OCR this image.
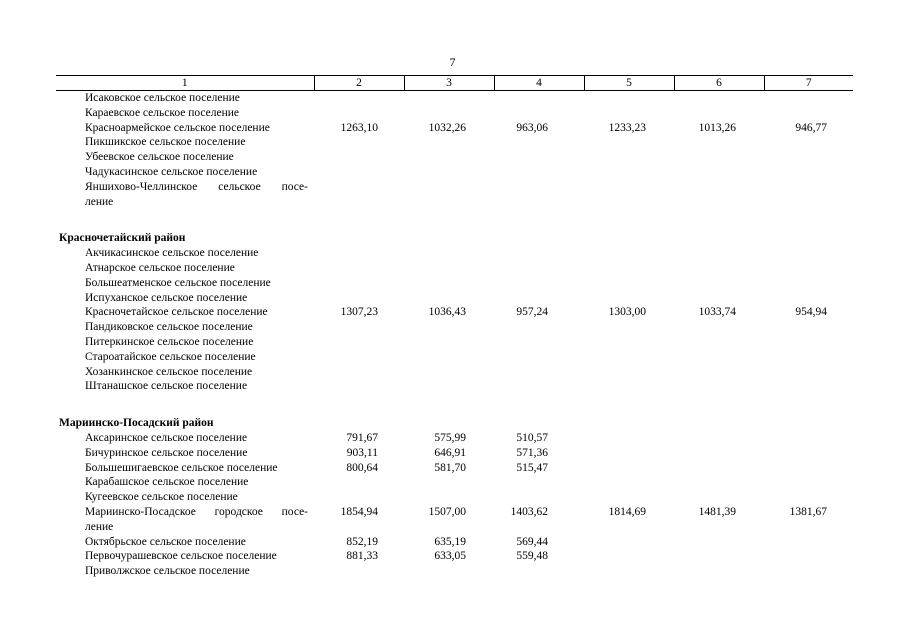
7
1	2	3	4	5	6	7
Исаковское сельское поселение						
Караевское сельское поселение						
Красноармейское сельское поселение	1263,10	1032,26	963,06	1233,23	1013,26	946,77
Пикшикское сельское поселение						
Убеевское сельское поселение						
Чадукасинское сельское поселение						
Яншихово-Челлинское сельское посе-						
ление						

Красночетайский район						
Акчикасинское сельское поселение						
Атнарское сельское поселение						
Большеатменское сельское поселение						
Испуханское сельское поселение						
Красночетайское сельское поселение	1307,23	1036,43	957,24	1303,00	1033,74	954,94
Пандиковское сельское поселение						
Питеркинское сельское поселение						
Староатайское сельское поселение						
Хозанкинское сельское поселение						
Штанашское сельское поселение						

Мариинско-Посадский район						
Аксаринское сельское поселение	791,67	575,99	510,57			
Бичуринское сельское поселение	903,11	646,91	571,36			
Большешигаевское сельское поселение	800,64	581,70	515,47			
Карабашское сельское поселение						
Кугеевское сельское поселение						
Мариинско-Посадское городское посе-	1854,94	1507,00	1403,62	1814,69	1481,39	1381,67
ление						
Октябрьское сельское поселение	852,19	635,19	569,44			
Первочурашевское сельское поселение	881,33	633,05	559,48			
Приволжское сельское поселение						
